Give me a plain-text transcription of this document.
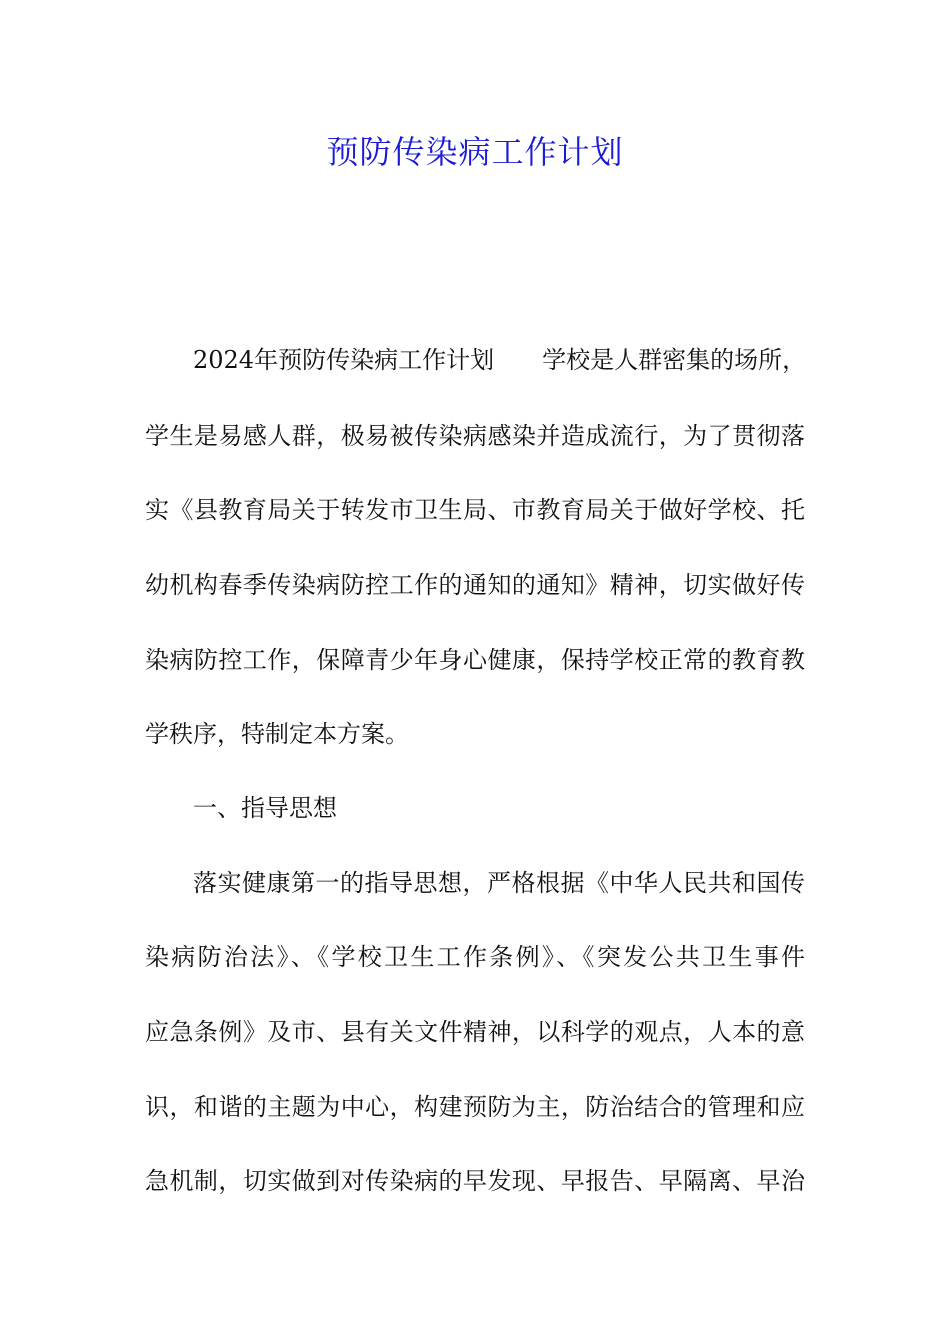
预防传染病工作计划
2024年预防传染病工作计划　　学校是人群密集的场所，
学生是易感人群，极易被传染病感染并造成流行，为了贯彻落
实《县教育局关于转发市卫生局、市教育局关于做好学校、托
幼机构春季传染病防控工作的通知的通知》精神，切实做好传
染病防控工作，保障青少年身心健康，保持学校正常的教育教
学秩序，特制定本方案。
一、指导思想
落实健康第一的指导思想，严格根据《中华人民共和国传
染病防治法》、《学校卫生工作条例》、《突发公共卫生事件
应急条例》及市、县有关文件精神，以科学的观点，人本的意
识，和谐的主题为中心，构建预防为主，防治结合的管理和应
急机制，切实做到对传染病的早发现、早报告、早隔离、早治
